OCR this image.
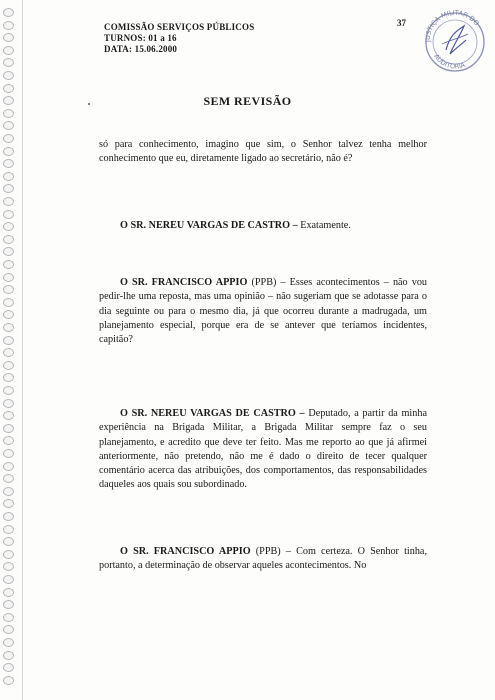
COMISSÃO SERVIÇOS PÚBLICOS
TURNOS: 01 a 16
DATA: 15.06.2000
37
JUSTIÇA MILITAR DO
AUDITORIA
SEM REVISÃO
só para conhecimento, imagino que sim, o Senhor talvez tenha melhor conhecimento que eu, diretamente ligado ao secretário, não é?
O SR. NEREU VARGAS DE CASTRO – Exatamente.
O SR. FRANCISCO APPIO (PPB) – Esses acontecimentos – não vou pedir-lhe uma reposta, mas uma opinião – não sugeriam que se adotasse para o dia seguinte ou para o mesmo dia, já que ocorreu durante a madrugada, um planejamento especial, porque era de se antever que teríamos incidentes, capitão?
O SR. NEREU VARGAS DE CASTRO – Deputado, a partir da minha experiência na Brigada Militar, a Brigada Militar sempre faz o seu planejamento, e acredito que deve ter feito. Mas me reporto ao que já afirmei anteriormente, não pretendo, não me é dado o direito de tecer qualquer comentário acerca das atribuições, dos comportamentos, das responsabilidades daqueles aos quais sou subordinado.
O SR. FRANCISCO APPIO (PPB) – Com certeza. O Senhor tinha, portanto, a determinação de observar aqueles acontecimentos. No
